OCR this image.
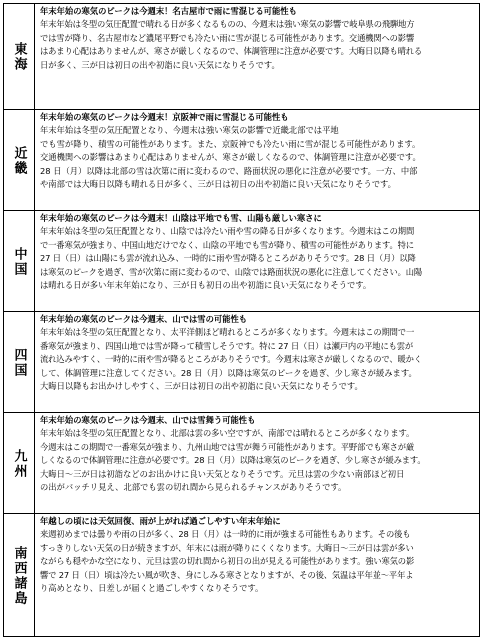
東海
年末年始の寒気のピークは今週末！名古屋市で雨に雪混じる可能性も
年末年始は冬型の気圧配置で晴れる日が多くなるものの、今週末は強い寒気の影響で岐阜県の飛騨地方
では雪が降り、名古屋市など濃尾平野でも冷たい雨に雪が混じる可能性があります。交通機関への影響
はあまり心配はありませんが、寒さが厳しくなるので、体調管理に注意が必要です。大晦日以降も晴れる
日が多く、三が日は初日の出や初詣に良い天気になりそうです。
近畿
年末年始の寒気のピークは今週末！京阪神で雨に雪混じる可能性も
年末年始は冬型の気圧配置となり、今週末は強い寒気の影響で近畿北部では平地
でも雪が降り、積雪の可能性があります。また、京阪神でも冷たい雨に雪が混じる可能性があります。
交通機関への影響はあまり心配はありませんが、寒さが厳しくなるので、体調管理に注意が必要です。
28 日（月）以降は北部の雪は次第に雨に変わるので、路面状況の悪化に注意が必要です。一方、中部
や南部では大晦日以降も晴れる日が多く、三が日は初日の出や初詣に良い天気になりそうです。
中国
年末年始の寒気のピークは今週末！山陰は平地でも雪、山陽も厳しい寒さに
年末年始は冬型の気圧配置となり、山陰では冷たい雨や雪の降る日が多くなります。今週末はこの期間
で一番寒気が強まり、中国山地だけでなく、山陰の平地でも雪が降り、積雪の可能性があります。特に
27 日（日）は山陽にも雲が流れ込み、一時的に雨や雪が降るところがありそうです。28 日（月）以降
は寒気のピークを過ぎ、雪が次第に雨に変わるので、山陰では路面状況の悪化に注意してください。山陽
は晴れる日が多い年末年始になり、三が日も初日の出や初詣に良い天気になりそうです。
四国
年末年始の寒気のピークは今週末、山では雪の可能性も
年末年始は冬型の気圧配置となり、太平洋側ほど晴れるところが多くなります。今週末はこの期間で一
番寒気が強まり、四国山地では雪が降って積雪しそうです。特に 27 日（日）は瀬戸内の平地にも雲が
流れ込みやすく、一時的に雨や雪が降るところがありそうです。今週末は寒さが厳しくなるので、暖かく
して、体調管理に注意してください。28 日（月）以降は寒気のピークを過ぎ、少し寒さが緩みます。
大晦日以降もお出かけしやすく、三が日は初日の出や初詣に良い天気になりそうです。
九州
年末年始の寒気のピークは今週末、山では雪舞う可能性も
年末年始は冬型の気圧配置となり、北部は雲の多い空ですが、南部では晴れるところが多くなります。
今週末はこの期間で一番寒気が強まり、九州山地では雪が舞う可能性があります。平野部でも寒さが厳
しくなるので体調管理に注意が必要です。28 日（月）以降は寒気のピークを過ぎ、少し寒さが緩みます。
大晦日～三が日は初詣などのお出かけに良い天気となりそうです。元旦は雲の少ない南部ほど初日
の出がバッチリ見え、北部でも雲の切れ間から見られるチャンスがありそうです。
南西諸島
年越しの頃には天気回復、雨が上がれば過ごしやすい年末年始に
来週初めまでは曇りや雨の日が多く、28 日（月）は一時的に雨が強まる可能性もあります。その後も
すっきりしない天気の日が続きますが、年末には雨が降りにくくなります。大晦日～三が日は雲が多い
ながらも穏やかな空になり、元旦は雲の切れ間から初日の出が見える可能性があります。強い寒気の影
響で 27 日（日）頃は冷たい風が吹き、身にしみる寒さとなりますが、その後、気温は平年並～平年よ
り高めとなり、日差しが届くと過ごしやすくなりそうです。
